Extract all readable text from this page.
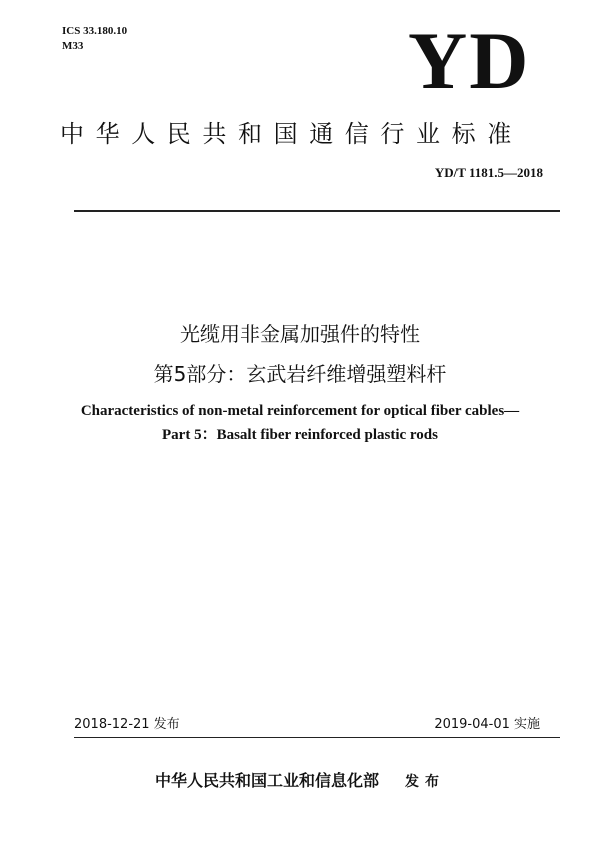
ICS 33.180.10
M33	YD
中华人民共和国通信行业标准
YD/T 1181.5—2018
光缆用非金属加强件的特性
第5部分：玄武岩纤维增强塑料杆
Characteristics of non-metal reinforcement for optical fiber cables—
Part 5：Basalt fiber reinforced plastic rods
2018-12-21 发布	2019-04-01 实施
中华人民共和国工业和信息化部 发布
